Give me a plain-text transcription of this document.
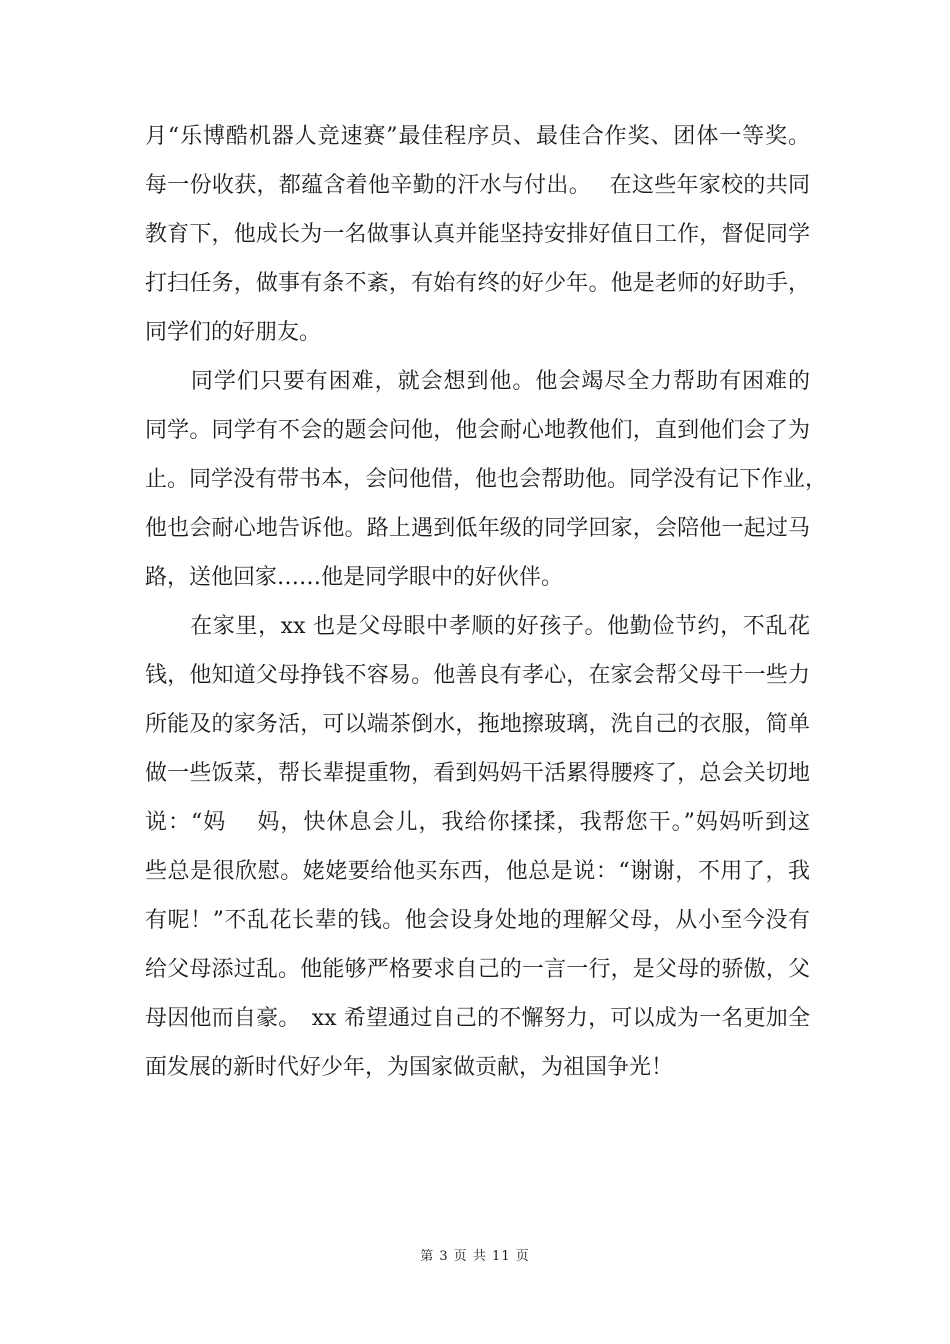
月“乐博酷机器人竞速赛”最佳程序员、最佳合作奖、团体一等奖。
每一份收获，都蕴含着他辛勤的汗水与付出。　 在这些年家校的共同
教育下，他成长为一名做事认真并能坚持安排好值日工作，督促同学
打扫任务，做事有条不紊，有始有终的好少年。他是老师的好助手，
同学们的好朋友。
　　同学们只要有困难，就会想到他。他会竭尽全力帮助有困难的
同学。同学有不会的题会问他，他会耐心地教他们，直到他们会了为
止。同学没有带书本，会问他借，他也会帮助他。同学没有记下作业，
他也会耐心地告诉他。路上遇到低年级的同学回家，会陪他一起过马
路，送他回家……他是同学眼中的好伙伴。
　　在家里，xx 也是父母眼中孝顺的好孩子。他勤俭节约，不乱花
钱，他知道父母挣钱不容易。他善良有孝心，在家会帮父母干一些力
所能及的家务活，可以端茶倒水，拖地擦玻璃，洗自己的衣服，简单
做一些饭菜，帮长辈提重物，看到妈妈干活累得腰疼了，总会关切地
说：“妈　 妈，快休息会儿，我给你揉揉，我帮您干。”妈妈听到这
些总是很欣慰。姥姥要给他买东西，他总是说：“谢谢，不用了，我
有呢！”不乱花长辈的钱。他会设身处地的理解父母，从小至今没有
给父母添过乱。他能够严格要求自己的一言一行，是父母的骄傲，父
母因他而自豪。　xx 希望通过自己的不懈努力，可以成为一名更加全
面发展的新时代好少年，为国家做贡献，为祖国争光！
第 3 页 共 11 页
